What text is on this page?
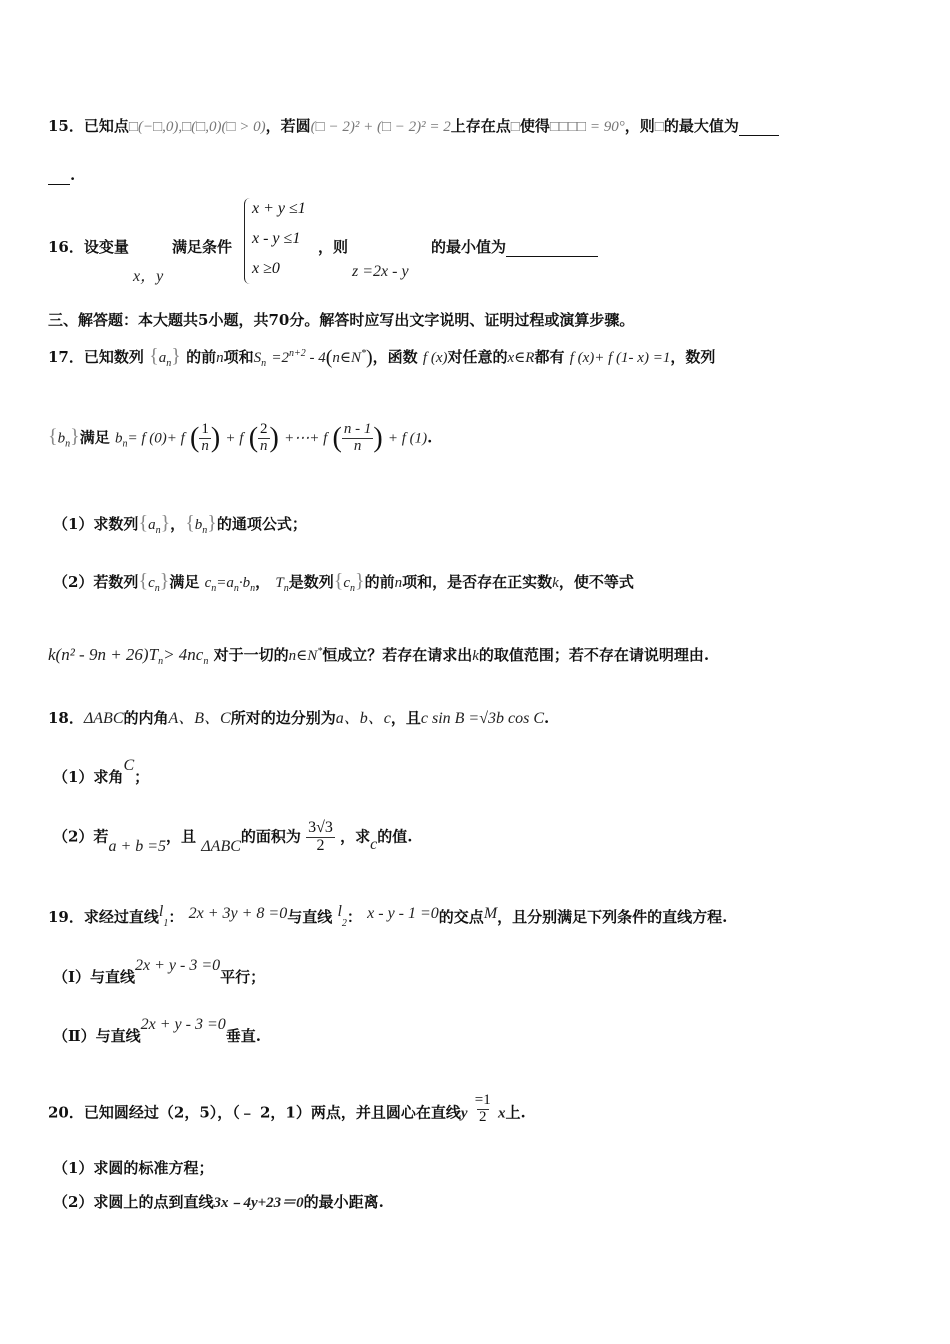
15．已知点□(−□,0),□(□,0)(□ > 0)，若圆(□ − 2)² + (□ − 2)² = 2上存在点□使得□□□□ = 90°，则□的最大值为
.
16．设变量
x，y
满足条件
x + y ≤1
x - y ≤1
x ≥0
，则
z =2x - y
的最小值为
三、解答题：本大题共5小题，共70分。解答时应写出文字说明、证明过程或演算步骤。
17．已知数列 $\{a_n\}$ 的前n项和$S_n =2^{n+2}$ - 4(n∈N*)，函数 f (x)对任意的x∈R都有 f (x)+ f (1- x) =1，数列
$\{b_n\}$满足 $b_n= f$ (0)+ f ( $\frac{1}{n}$ ) + f ( $\frac{2}{n}$ ) +⋯+ f ( $\frac{n - 1}{n}$ ) + f (1).
（1）求数列$\{a_n\}$，$\{b_n\}$的通项公式；
（2）若数列$\{c_n\}$满足 $c_n=a_n\cdot b_n$， $T_n$是数列$\{c_n\}$的前n项和，是否存在正实数k，使不等式
$k(n^2 - 9n + 26)T_n> 4nc_n$ 对于一切的n∈N*恒成立？若存在请求出k的取值范围；若不存在请说明理由.
18．ΔABC的内角A、B、C所对的边分别为a、b、c，且c sin B =√3b cos C.
（1）求角C；
（2）若a + b =5，且 ΔABC的面积为 $\frac{3√3}{2}$ ，求c的值.
19．求经过直线$l_1$： 2x + 3y + 8 =0与直线 $l_2$： x - y - 1 =0的交点M，且分别满足下列条件的直线方程.
（Ⅰ）与直线2x + y - 3 =0平行；
（Ⅱ）与直线2x + y - 3 =0垂直.
20．已知圆经过（2，5），（﹣ 2，1）两点，并且圆心在直线y $\frac{=1}{2}$ x上.
（1）求圆的标准方程；
（2）求圆上的点到直线3x﹣4y+23＝0的最小距离.
